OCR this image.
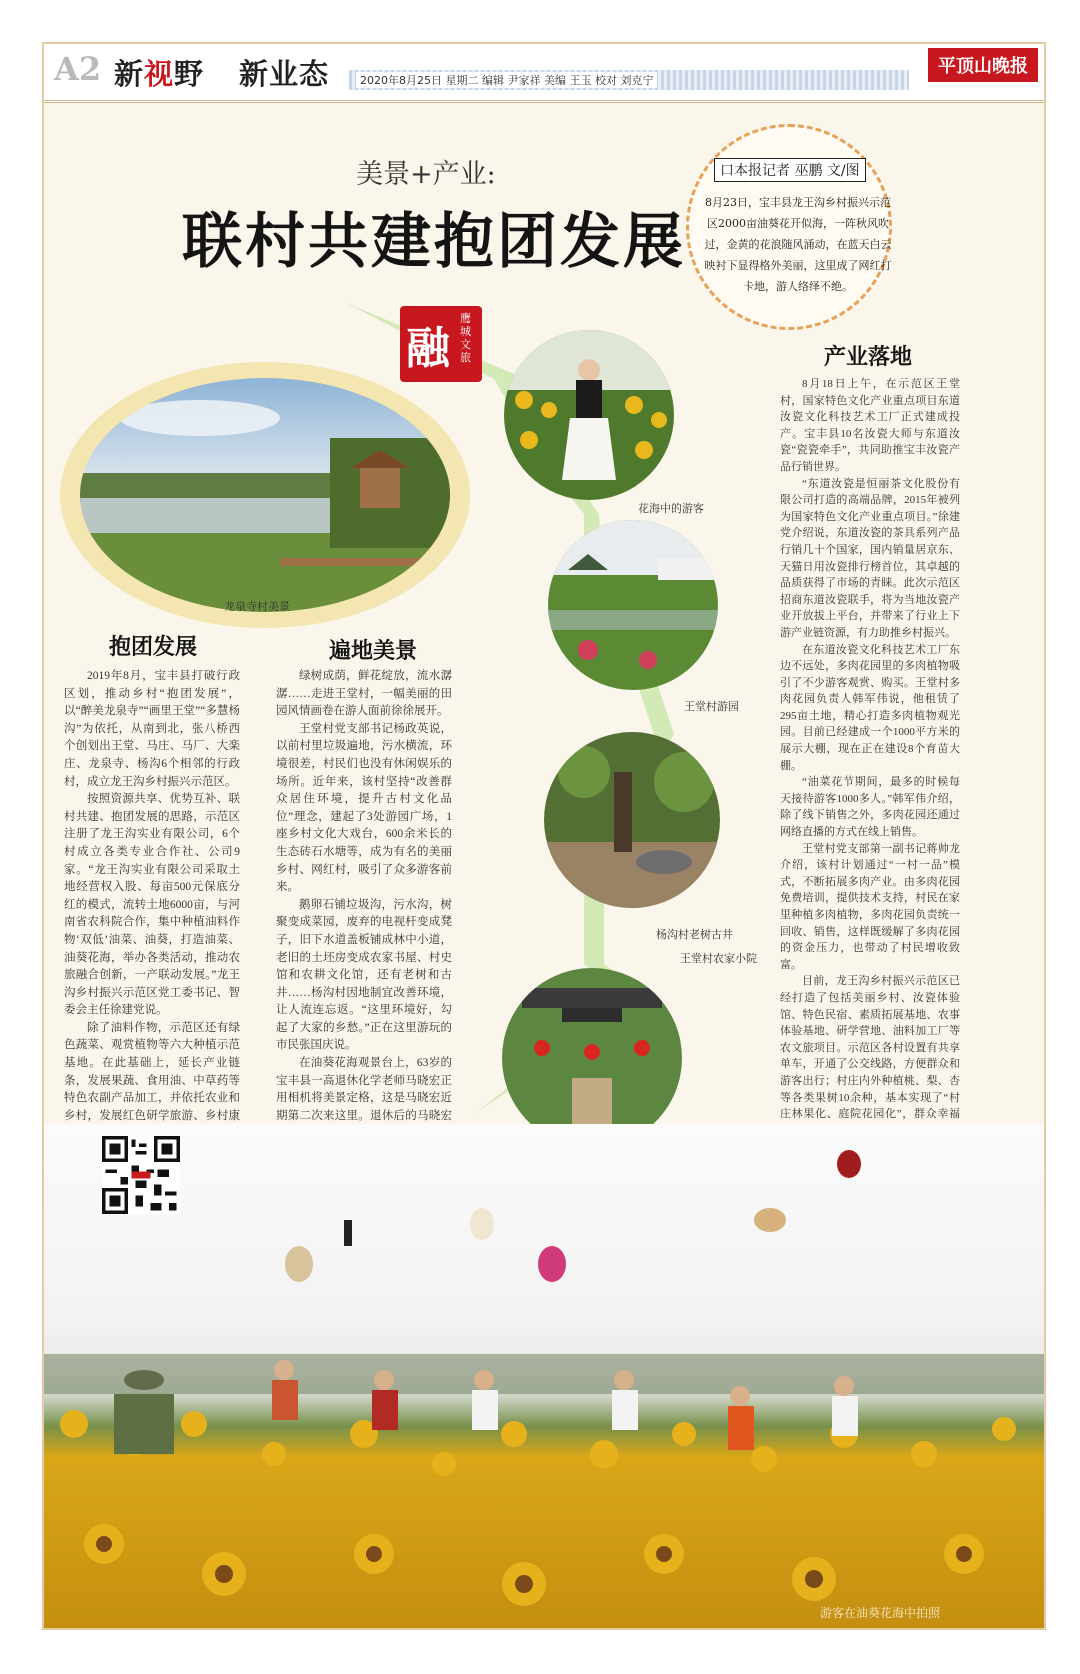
A2 新视野 新业态	2020年8月25日 星期二 编辑 尹家祥 美编 王玉 校对 刘克宁
平顶山晚报
美景+产业:
联村共建抱团发展
口本报记者 巫鹏 文/图
8月23日，宝丰县龙王沟乡村振兴示范区2000亩油葵花开似海，一阵秋风吹过，金黄的花浪随风涌动，在蓝天白云映衬下显得格外美丽，这里成了网红打卡地，游人络绎不绝。
融
鹰城文旅
龙泉寺村美景
花海中的游客
王堂村游园
杨沟村老树古井
王堂村农家小院
抱团发展

2019年8月，宝丰县打破行政区划，推动乡村“抱团发展”，以“醉美龙泉寺”“画里王堂”“多慧杨沟”为依托，从南到北，张八桥西个创划出王堂、马庄、马厂、大楽庄、龙泉寺、杨沟6个相邻的行政村，成立龙王沟乡村振兴示范区。

按照资源共享、优势互补、联村共建、抱团发展的思路，示范区注册了龙王沟实业有限公司，6个村成立各类专业合作社、公司9家。“龙王沟实业有限公司采取土地经营权入股、每亩500元保底分红的模式，流转土地6000亩，与河南省农科院合作，集中种植油料作物‘双低’油菜、油葵，打造油菜、油葵花海，举办各类活动，推动农旅融合创新，一产联动发展。”龙王沟乡村振兴示范区党工委书记、智委会主任徐建党说。

除了油料作物，示范区还有绿色蔬菜、观赏植物等六大种植示范基地。在此基础上，延长产业链条，发展果蔬、食用油、中草药等特色农副产品加工，并依托农业和乡村，发展红色研学旅游、乡村康

遍地美景

绿树成荫，鲜花绽放，流水潺潺……走进王堂村，一幅美丽的田园风情画卷在游人面前徐徐展开。

王堂村党支部书记杨政英说，以前村里垃圾遍地，污水横流，环境很差，村民们也没有休闲娱乐的场所。近年来，该村坚持“改善群众居住环境，提升古村文化品位”理念，建起了3处游园广场，1座乡村文化大戏台，600余米长的生态砖石水塘等，成为有名的美丽乡村、网红村，吸引了众多游客前来。

鹅卵石铺垃圾沟，污水沟，树聚变成菜园，废弃的电视杆变成凳子，旧下水道盖板铺成林中小道，老旧的土坯房变成农家书屋、村史馆和农耕文化馆，还有老树和古井……杨沟村因地制宜改善环境，让人流连忘返。“这里环境好，勾起了大家的乡愁。”正在这里游玩的市民张国庆说。

在油葵花海观景台上，63岁的宝丰县一高退休化学老师马晓宏正用相机将美景定格，这是马晓宏近期第二次来这里。退休后的马晓宏

产业落地

8月18日上午，在示范区王堂村，国家特色文化产业重点项目东道汝瓷文化科技艺术工厂正式建成投产。宝丰县10名汝瓷大师与东道汝瓷“瓷瓷牵手”，共同助推宝丰汝瓷产品行销世界。

“东道汝瓷是恒丽茶文化股份有限公司打造的高端品牌，2015年被列为国家特色文化产业重点项目。”徐建党介绍说，东道汝瓷的茶具系列产品行销几十个国家，国内销量居京东、天猫日用汝瓷排行榜首位，其卓越的品质获得了市场的青睐。此次示范区招商东道汝瓷联手，将为当地汝瓷产业开放拔上平台，并带来了行业上下游产业链资源，有力助推乡村振兴。

在东道汝瓷文化科技艺术工厂东边不远处，多肉花园里的多肉植物吸引了不少游客观赏、购买。王堂村多肉花园负责人韩军伟说，他租赁了295亩土地，精心打造多肉植物观光园。目前已经建成一个1000平方米的展示大棚，现在正在建设8个育苗大棚。

“油菜花节期间，最多的时候每天接待游客1000多人。”韩军伟介绍，除了线下销售之外，多肉花园还通过网络直播的方式在线上销售。

王堂村党支部第一副书记蒋帅龙介绍，该村计划通过“一村一品”模式，不断拓展多肉产业。由多肉花园免费培训，提供技术支持，村民在家里种植多肉植物，多肉花园负责统一回收、销售，这样既缓解了多肉花园的资金压力，也带动了村民增收致富。

目前，龙王沟乡村振兴示范区已经打造了包括美丽乡村、汝瓷体验馆、特色民宿、素质拓展基地、农事体验基地、研学营地、油料加工厂等农文旅项目。示范区各村设置有共享单车，开通了公交线路，方便群众和游客出行；村庄内外种植桃、梨、杏等各类果树10余种，基本实现了“村庄林果化、庭院花园化”，群众幸福

游客在油葵花海中拍照
